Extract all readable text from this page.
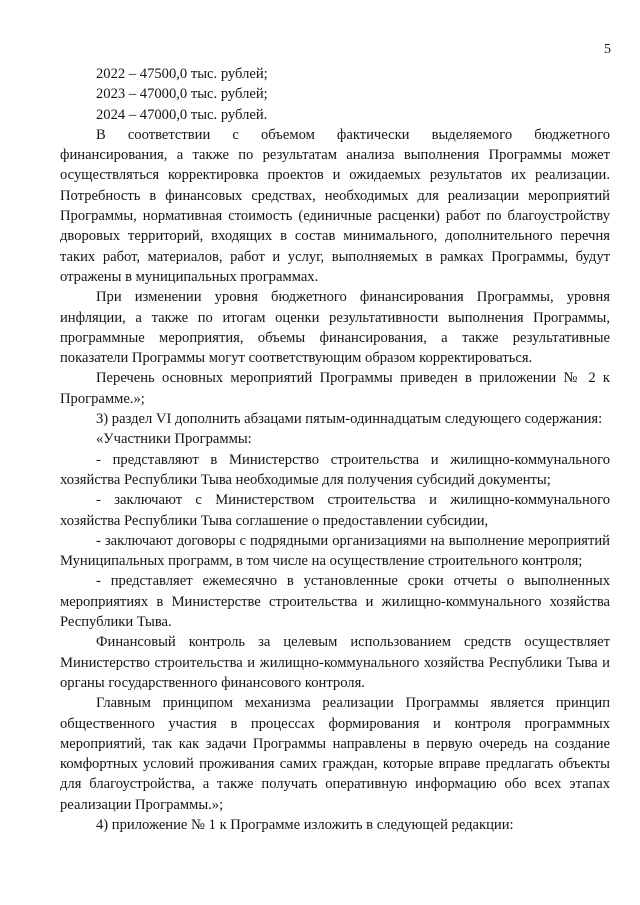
5

2022 – 47500,0 тыс. рублей;

2023 – 47000,0 тыс. рублей;

2024 – 47000,0 тыс. рублей.

В соответствии с объемом фактически выделяемого бюджетного финансирования, а также по результатам анализа выполнения Программы может осуществляться корректировка проектов и ожидаемых результатов их реализации. Потребность в финансовых средствах, необходимых для реализации мероприятий Программы, нормативная стоимость (единичные расценки) работ по благоустройству дворовых территорий, входящих в состав минимального, дополнительного перечня таких работ, материалов, работ и услуг, выполняемых в рамках Программы, будут отражены в муниципальных программах.

При изменении уровня бюджетного финансирования Программы, уровня инфляции, а также по итогам оценки результативности выполнения Программы, программные мероприятия, объемы финансирования, а также результативные показатели Программы могут соответствующим образом корректироваться.

Перечень основных мероприятий Программы приведен в приложении № 2 к Программе.»;

3) раздел VI дополнить абзацами пятым-одиннадцатым следующего содержания:

«Участники Программы:

- представляют в Министерство строительства и жилищно-коммунального хозяйства Республики Тыва необходимые для получения субсидий документы;

- заключают с Министерством строительства и жилищно-коммунального хозяйства Республики Тыва соглашение о предоставлении субсидии,

- заключают договоры с подрядными организациями на выполнение мероприятий Муниципальных программ, в том числе на осуществление строительного контроля;

- представляет ежемесячно в установленные сроки отчеты о выполненных мероприятиях в Министерстве строительства и жилищно-коммунального хозяйства Республики Тыва.

Финансовый контроль за целевым использованием средств осуществляет Министерство строительства и жилищно-коммунального хозяйства Республики Тыва и органы государственного финансового контроля.

Главным принципом механизма реализации Программы является принцип общественного участия в процессах формирования и контроля программных мероприятий, так как задачи Программы направлены в первую очередь на создание комфортных условий проживания самих граждан, которые вправе предлагать объекты для благоустройства, а также получать оперативную информацию обо всех этапах реализации Программы.»;

4) приложение № 1 к Программе изложить в следующей редакции:
